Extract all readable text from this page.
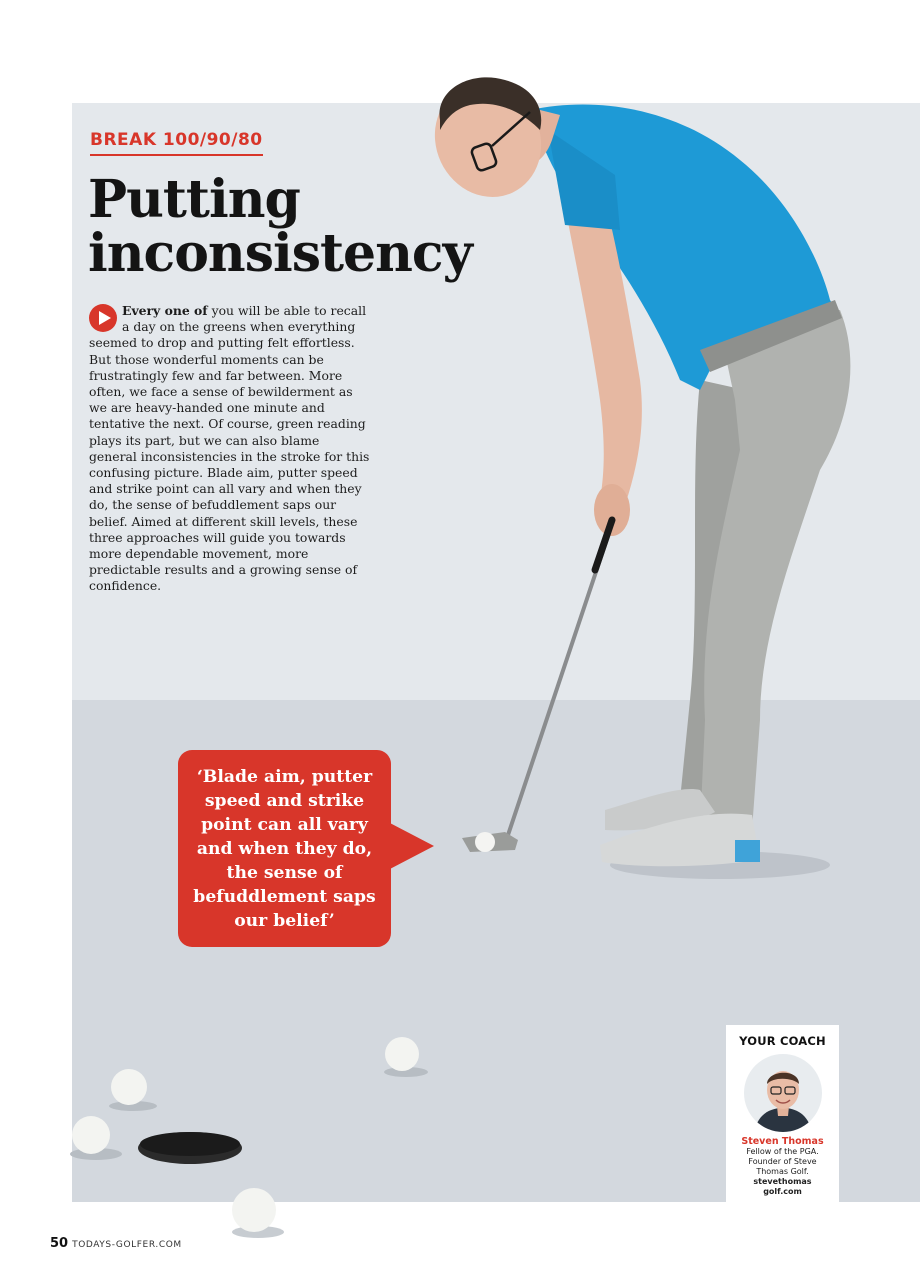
BREAK 100/90/80
Putting
inconsistency

Every one of you will be able to recall a day on the greens when everything seemed to drop and putting felt effortless. But those wonderful moments can be frustratingly few and far between. More often, we face a sense of bewilderment as we are heavy-handed one minute and tentative the next. Of course, green reading plays its part, but we can also blame general inconsistencies in the stroke for this confusing picture. Blade aim, putter speed and strike point can all vary and when they do, the sense of befuddlement saps our belief. Aimed at different skill levels, these three approaches will guide you towards more dependable movement, more predictable results and a growing sense of confidence.

‘Blade aim, putter speed and strike point can all vary and when they do, the sense of befuddlement saps our belief’
YOUR COACH
Steven Thomas
Fellow of the PGA. Founder of Steve Thomas Golf.
stevethomas
golf.com
50 TODAYS-GOLFER.COM
